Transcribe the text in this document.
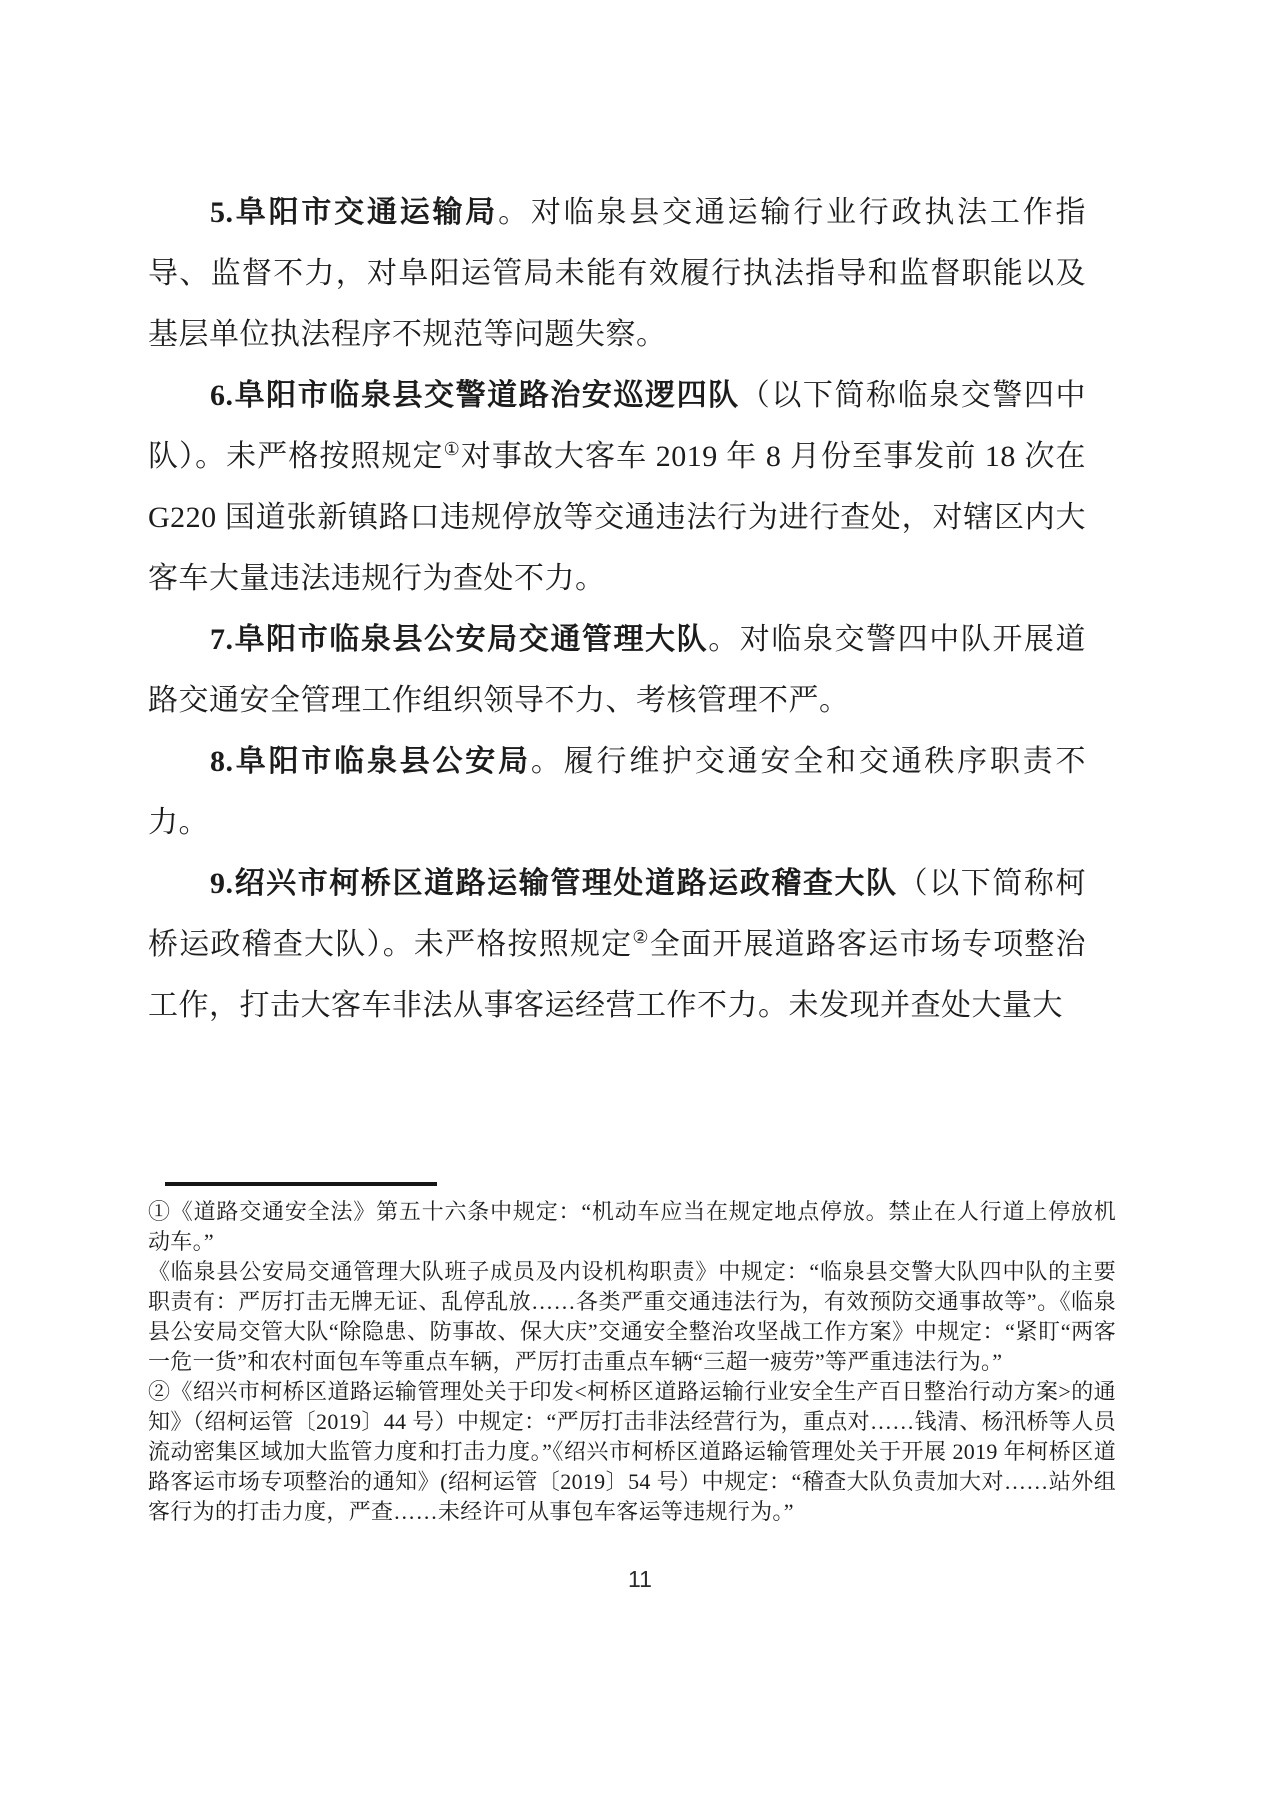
5.阜阳市交通运输局。对临泉县交通运输行业行政执法工作指导、监督不力，对阜阳运管局未能有效履行执法指导和监督职能以及基层单位执法程序不规范等问题失察。

6.阜阳市临泉县交警道路治安巡逻四队（以下简称临泉交警四中队）。未严格按照规定①对事故大客车 2019 年 8 月份至事发前 18 次在 G220 国道张新镇路口违规停放等交通违法行为进行查处，对辖区内大客车大量违法违规行为查处不力。

7.阜阳市临泉县公安局交通管理大队。对临泉交警四中队开展道路交通安全管理工作组织领导不力、考核管理不严。

8.阜阳市临泉县公安局。履行维护交通安全和交通秩序职责不力。

9.绍兴市柯桥区道路运输管理处道路运政稽查大队（以下简称柯桥运政稽查大队）。未严格按照规定②全面开展道路客运市场专项整治工作，打击大客车非法从事客运经营工作不力。未发现并查处大量大

①《道路交通安全法》第五十六条中规定：“机动车应当在规定地点停放。禁止在人行道上停放机动车。”

《临泉县公安局交通管理大队班子成员及内设机构职责》中规定：“临泉县交警大队四中队的主要职责有：严厉打击无牌无证、乱停乱放……各类严重交通违法行为，有效预防交通事故等”。《临泉县公安局交管大队“除隐患、防事故、保大庆”交通安全整治攻坚战工作方案》中规定：“紧盯“两客一危一货”和农村面包车等重点车辆，严厉打击重点车辆“三超一疲劳”等严重违法行为。”

②《绍兴市柯桥区道路运输管理处关于印发<柯桥区道路运输行业安全生产百日整治行动方案>的通知》（绍柯运管〔2019〕44 号）中规定：“严厉打击非法经营行为，重点对……钱清、杨汛桥等人员流动密集区域加大监管力度和打击力度。”《绍兴市柯桥区道路运输管理处关于开展 2019 年柯桥区道路客运市场专项整治的通知》(绍柯运管〔2019〕54 号）中规定：“稽查大队负责加大对……站外组客行为的打击力度，严查……未经许可从事包车客运等违规行为。”

11
